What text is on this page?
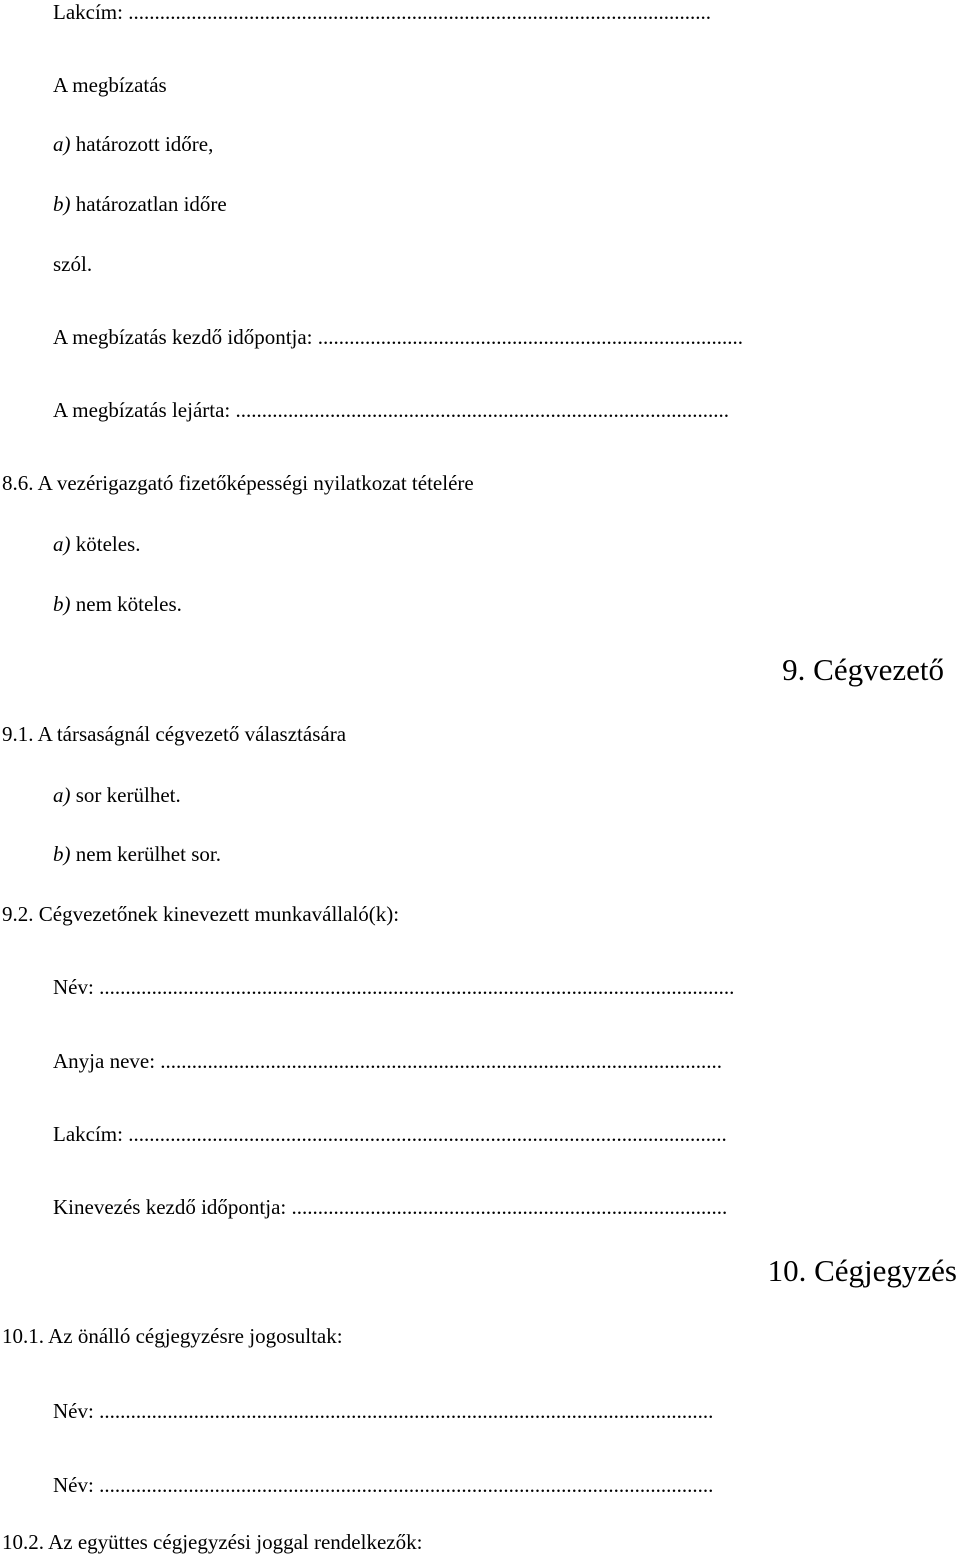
Lakcím: ...............................................................................................................

A megbízatás

a) határozott időre,

b) határozatlan időre

szól.

A megbízatás kezdő időpontja: .................................................................................

A megbízatás lejárta: ..............................................................................................

8.6. A vezérigazgató fizetőképességi nyilatkozat tételére

a) köteles.

b) nem köteles.

9. Cégvezető

9.1. A társaságnál cégvezető választására

a) sor kerülhet.

b) nem kerülhet sor.

9.2. Cégvezetőnek kinevezett munkavállaló(k):

Név: .........................................................................................................................

Anyja neve: ...........................................................................................................

Lakcím: ..................................................................................................................

Kinevezés kezdő időpontja: ...................................................................................

10. Cégjegyzés

10.1. Az önálló cégjegyzésre jogosultak:

Név: .....................................................................................................................

Név: .....................................................................................................................

10.2. Az együttes cégjegyzési joggal rendelkezők:
